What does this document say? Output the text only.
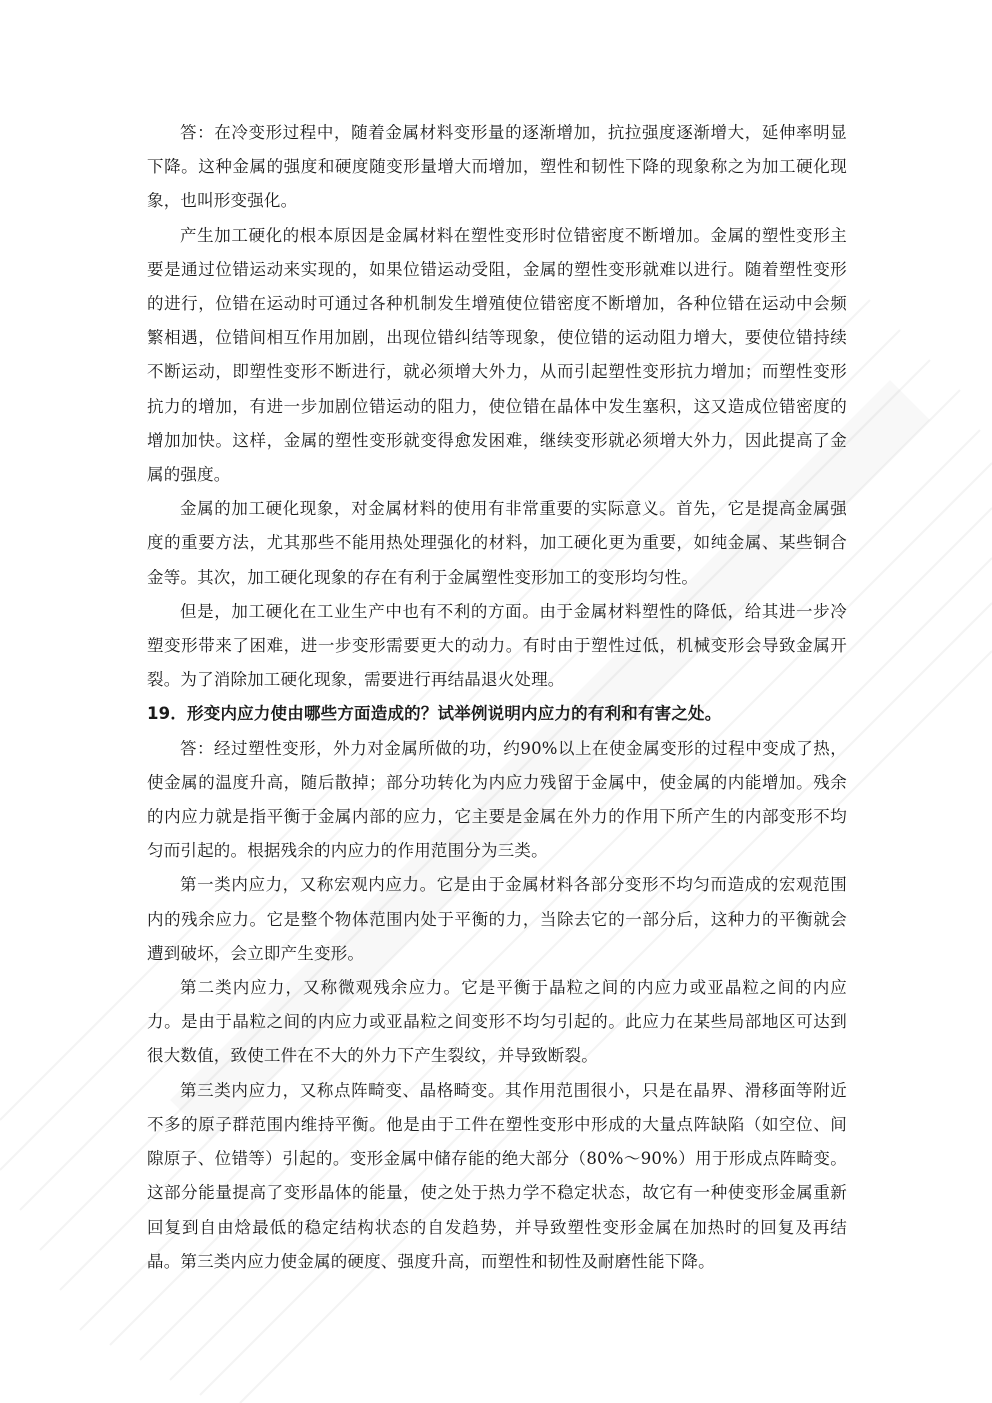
答：在冷变形过程中，随着金属材料变形量的逐渐增加，抗拉强度逐渐增大，延伸率明显下降。这种金属的强度和硬度随变形量增大而增加，塑性和韧性下降的现象称之为加工硬化现象，也叫形变强化。

产生加工硬化的根本原因是金属材料在塑性变形时位错密度不断增加。金属的塑性变形主要是通过位错运动来实现的，如果位错运动受阻，金属的塑性变形就难以进行。随着塑性变形的进行，位错在运动时可通过各种机制发生增殖使位错密度不断增加，各种位错在运动中会频繁相遇，位错间相互作用加剧，出现位错纠结等现象，使位错的运动阻力增大，要使位错持续不断运动，即塑性变形不断进行，就必须增大外力，从而引起塑性变形抗力增加；而塑性变形抗力的增加，有进一步加剧位错运动的阻力，使位错在晶体中发生塞积，这又造成位错密度的增加加快。这样，金属的塑性变形就变得愈发困难，继续变形就必须增大外力，因此提高了金属的强度。

金属的加工硬化现象，对金属材料的使用有非常重要的实际意义。首先，它是提高金属强度的重要方法，尤其那些不能用热处理强化的材料，加工硬化更为重要，如纯金属、某些铜合金等。其次，加工硬化现象的存在有利于金属塑性变形加工的变形均匀性。

但是，加工硬化在工业生产中也有不利的方面。由于金属材料塑性的降低，给其进一步冷塑变形带来了困难，进一步变形需要更大的动力。有时由于塑性过低，机械变形会导致金属开裂。为了消除加工硬化现象，需要进行再结晶退火处理。

19．形变内应力使由哪些方面造成的？试举例说明内应力的有利和有害之处。

答：经过塑性变形，外力对金属所做的功，约90%以上在使金属变形的过程中变成了热，使金属的温度升高，随后散掉；部分功转化为内应力残留于金属中，使金属的内能增加。残余的内应力就是指平衡于金属内部的应力，它主要是金属在外力的作用下所产生的内部变形不均匀而引起的。根据残余的内应力的作用范围分为三类。

第一类内应力，又称宏观内应力。它是由于金属材料各部分变形不均匀而造成的宏观范围内的残余应力。它是整个物体范围内处于平衡的力，当除去它的一部分后，这种力的平衡就会遭到破坏，会立即产生变形。

第二类内应力，又称微观残余应力。它是平衡于晶粒之间的内应力或亚晶粒之间的内应力。是由于晶粒之间的内应力或亚晶粒之间变形不均匀引起的。此应力在某些局部地区可达到很大数值，致使工件在不大的外力下产生裂纹，并导致断裂。

第三类内应力，又称点阵畸变、晶格畸变。其作用范围很小，只是在晶界、滑移面等附近不多的原子群范围内维持平衡。他是由于工件在塑性变形中形成的大量点阵缺陷（如空位、间隙原子、位错等）引起的。变形金属中储存能的绝大部分（80%～90%）用于形成点阵畸变。这部分能量提高了变形晶体的能量，使之处于热力学不稳定状态，故它有一种使变形金属重新回复到自由焓最低的稳定结构状态的自发趋势，并导致塑性变形金属在加热时的回复及再结晶。第三类内应力使金属的硬度、强度升高，而塑性和韧性及耐磨性能下降。
